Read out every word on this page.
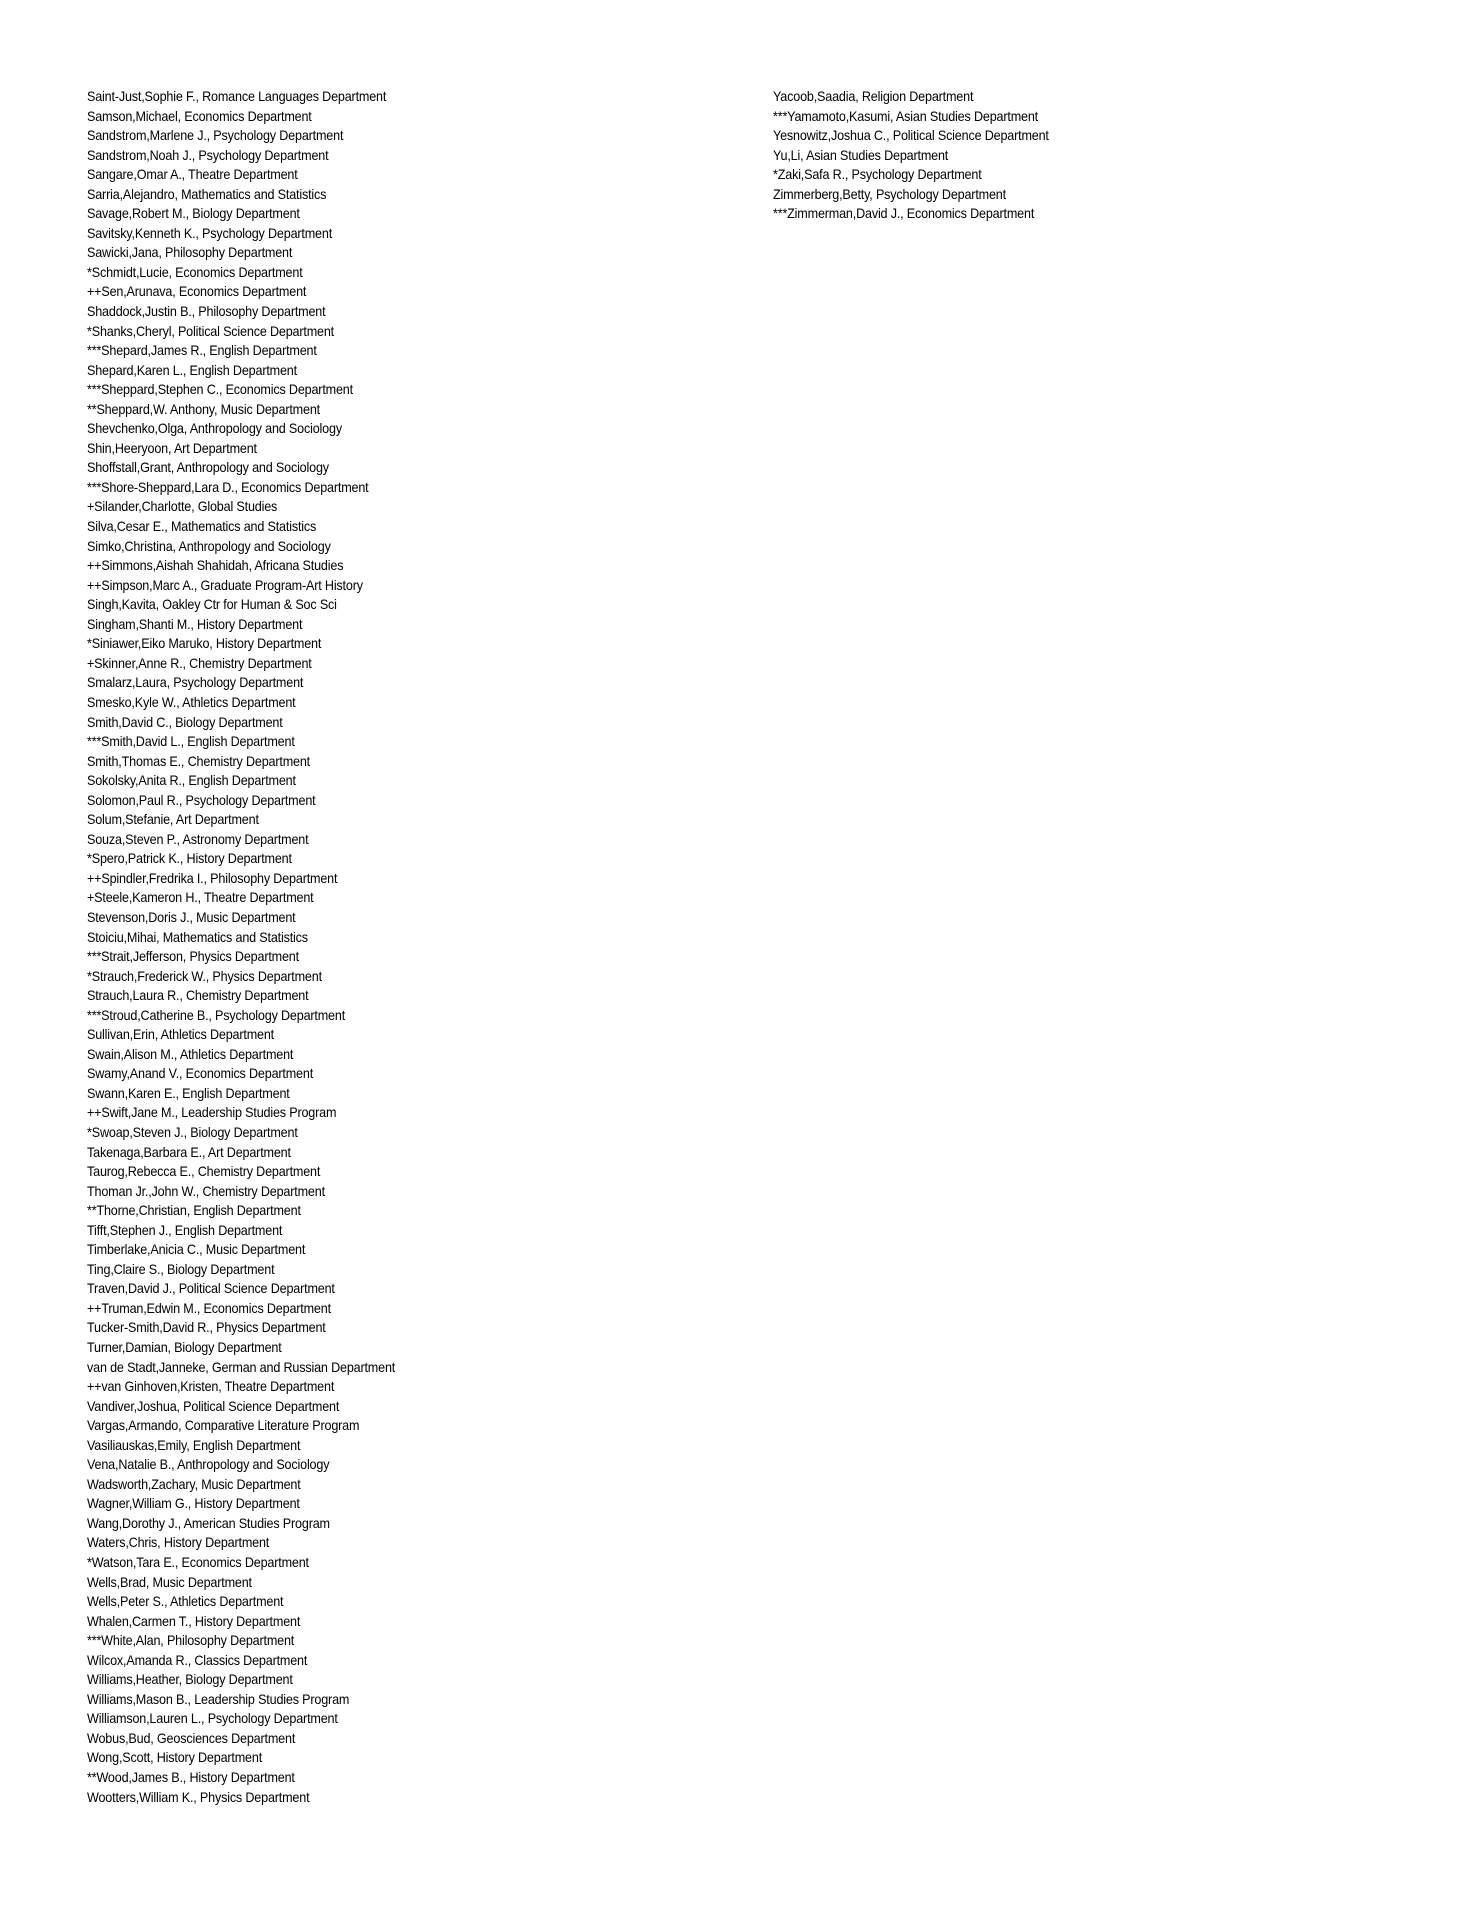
Saint-Just,Sophie F., Romance Languages Department
Samson,Michael, Economics Department
Sandstrom,Marlene J., Psychology Department
Sandstrom,Noah J., Psychology Department
Sangare,Omar A., Theatre Department
Sarria,Alejandro, Mathematics and Statistics
Savage,Robert M., Biology Department
Savitsky,Kenneth K., Psychology Department
Sawicki,Jana, Philosophy Department
*Schmidt,Lucie, Economics Department
++Sen,Arunava, Economics Department
Shaddock,Justin B., Philosophy Department
*Shanks,Cheryl, Political Science Department
***Shepard,James R., English Department
Shepard,Karen L., English Department
***Sheppard,Stephen C., Economics Department
**Sheppard,W. Anthony, Music Department
Shevchenko,Olga, Anthropology and Sociology
Shin,Heeryoon, Art Department
Shoffstall,Grant, Anthropology and Sociology
***Shore-Sheppard,Lara D., Economics Department
+Silander,Charlotte, Global Studies
Silva,Cesar E., Mathematics and Statistics
Simko,Christina, Anthropology and Sociology
++Simmons,Aishah Shahidah, Africana Studies
++Simpson,Marc A., Graduate Program-Art History
Singh,Kavita, Oakley Ctr for Human & Soc Sci
Singham,Shanti M., History Department
*Siniawer,Eiko Maruko, History Department
+Skinner,Anne R., Chemistry Department
Smalarz,Laura, Psychology Department
Smesko,Kyle W., Athletics Department
Smith,David C., Biology Department
***Smith,David L., English Department
Smith,Thomas E., Chemistry Department
Sokolsky,Anita R., English Department
Solomon,Paul R., Psychology Department
Solum,Stefanie, Art Department
Souza,Steven P., Astronomy Department
*Spero,Patrick K., History Department
++Spindler,Fredrika I., Philosophy Department
+Steele,Kameron H., Theatre Department
Stevenson,Doris J., Music Department
Stoiciu,Mihai, Mathematics and Statistics
***Strait,Jefferson, Physics Department
*Strauch,Frederick W., Physics Department
Strauch,Laura R., Chemistry Department
***Stroud,Catherine B., Psychology Department
Sullivan,Erin, Athletics Department
Swain,Alison M., Athletics Department
Swamy,Anand V., Economics Department
Swann,Karen E., English Department
++Swift,Jane M., Leadership Studies Program
*Swoap,Steven J., Biology Department
Takenaga,Barbara E., Art Department
Taurog,Rebecca E., Chemistry Department
Thoman Jr.,John W., Chemistry Department
**Thorne,Christian, English Department
Tifft,Stephen J., English Department
Timberlake,Anicia C., Music Department
Ting,Claire S., Biology Department
Traven,David J., Political Science Department
++Truman,Edwin M., Economics Department
Tucker-Smith,David R., Physics Department
Turner,Damian, Biology Department
van de Stadt,Janneke, German and Russian Department
++van Ginhoven,Kristen, Theatre Department
Vandiver,Joshua, Political Science Department
Vargas,Armando, Comparative Literature Program
Vasiliauskas,Emily, English Department
Vena,Natalie B., Anthropology and Sociology
Wadsworth,Zachary, Music Department
Wagner,William G., History Department
Wang,Dorothy J., American Studies Program
Waters,Chris, History Department
*Watson,Tara E., Economics Department
Wells,Brad, Music Department
Wells,Peter S., Athletics Department
Whalen,Carmen T., History Department
***White,Alan, Philosophy Department
Wilcox,Amanda R., Classics Department
Williams,Heather, Biology Department
Williams,Mason B., Leadership Studies Program
Williamson,Lauren L., Psychology Department
Wobus,Bud, Geosciences Department
Wong,Scott, History Department
**Wood,James B., History Department
Wootters,William K., Physics Department
Yacoob,Saadia, Religion Department
***Yamamoto,Kasumi, Asian Studies Department
Yesnowitz,Joshua C., Political Science Department
Yu,Li, Asian Studies Department
*Zaki,Safa R., Psychology Department
Zimmerberg,Betty, Psychology Department
***Zimmerman,David J., Economics Department
